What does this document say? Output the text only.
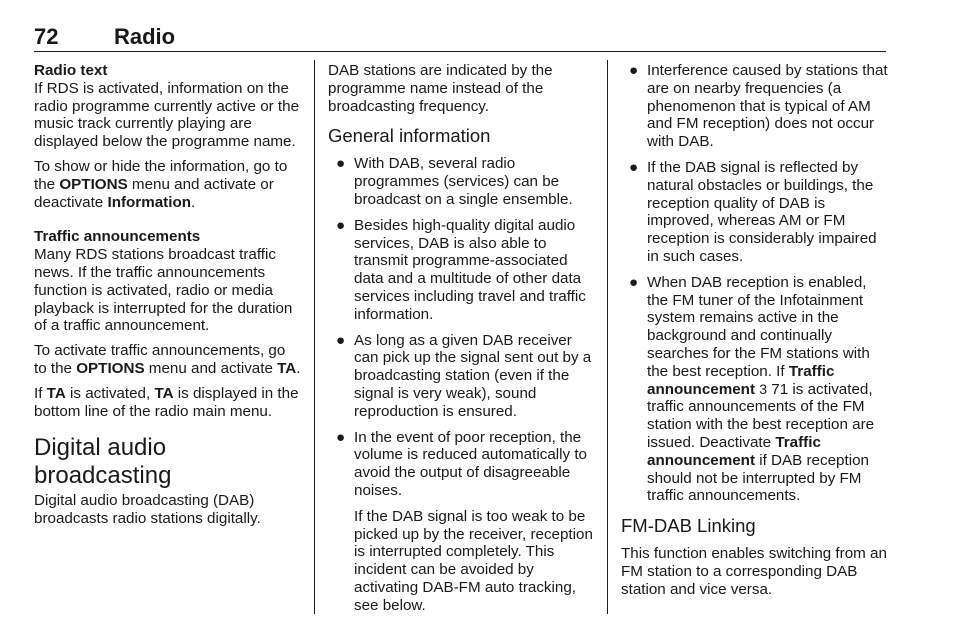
72	Radio

Radio text

If RDS is activated, information on the radio programme currently active or the music track currently playing are displayed below the programme name.

To show or hide the information, go to the OPTIONS menu and activate or deactivate Information.

Traffic announcements

Many RDS stations broadcast traffic news. If the traffic announcements function is activated, radio or media playback is interrupted for the duration of a traffic announcement.

To activate traffic announcements, go to the OPTIONS menu and activate TA.

If TA is activated, TA is displayed in the bottom line of the radio main menu.

Digital audio broadcasting

Digital audio broadcasting (DAB) broadcasts radio stations digitally.

DAB stations are indicated by the programme name instead of the broadcasting frequency.

General information
● With DAB, several radio programmes (services) can be broadcast on a single ensemble.
● Besides high-quality digital audio services, DAB is also able to transmit programme-associated data and a multitude of other data services including travel and traffic information.
● As long as a given DAB receiver can pick up the signal sent out by a broadcasting station (even if the signal is very weak), sound reproduction is ensured.
● In the event of poor reception, the volume is reduced automatically to avoid the output of disagreeable noises.

If the DAB signal is too weak to be picked up by the receiver, reception is interrupted completely. This incident can be avoided by activating DAB-FM auto tracking, see below.

● Interference caused by stations that are on nearby frequencies (a phenomenon that is typical of AM and FM reception) does not occur with DAB.
● If the DAB signal is reflected by natural obstacles or buildings, the reception quality of DAB is improved, whereas AM or FM reception is considerably impaired in such cases.
● When DAB reception is enabled, the FM tuner of the Infotainment system remains active in the background and continually searches for the FM stations with the best reception. If Traffic announcement 3 71 is activated, traffic announcements of the FM station with the best reception are issued. Deactivate Traffic announcement if DAB reception should not be interrupted by FM traffic announcements.
FM-DAB Linking

This function enables switching from an FM station to a corresponding DAB station and vice versa.
